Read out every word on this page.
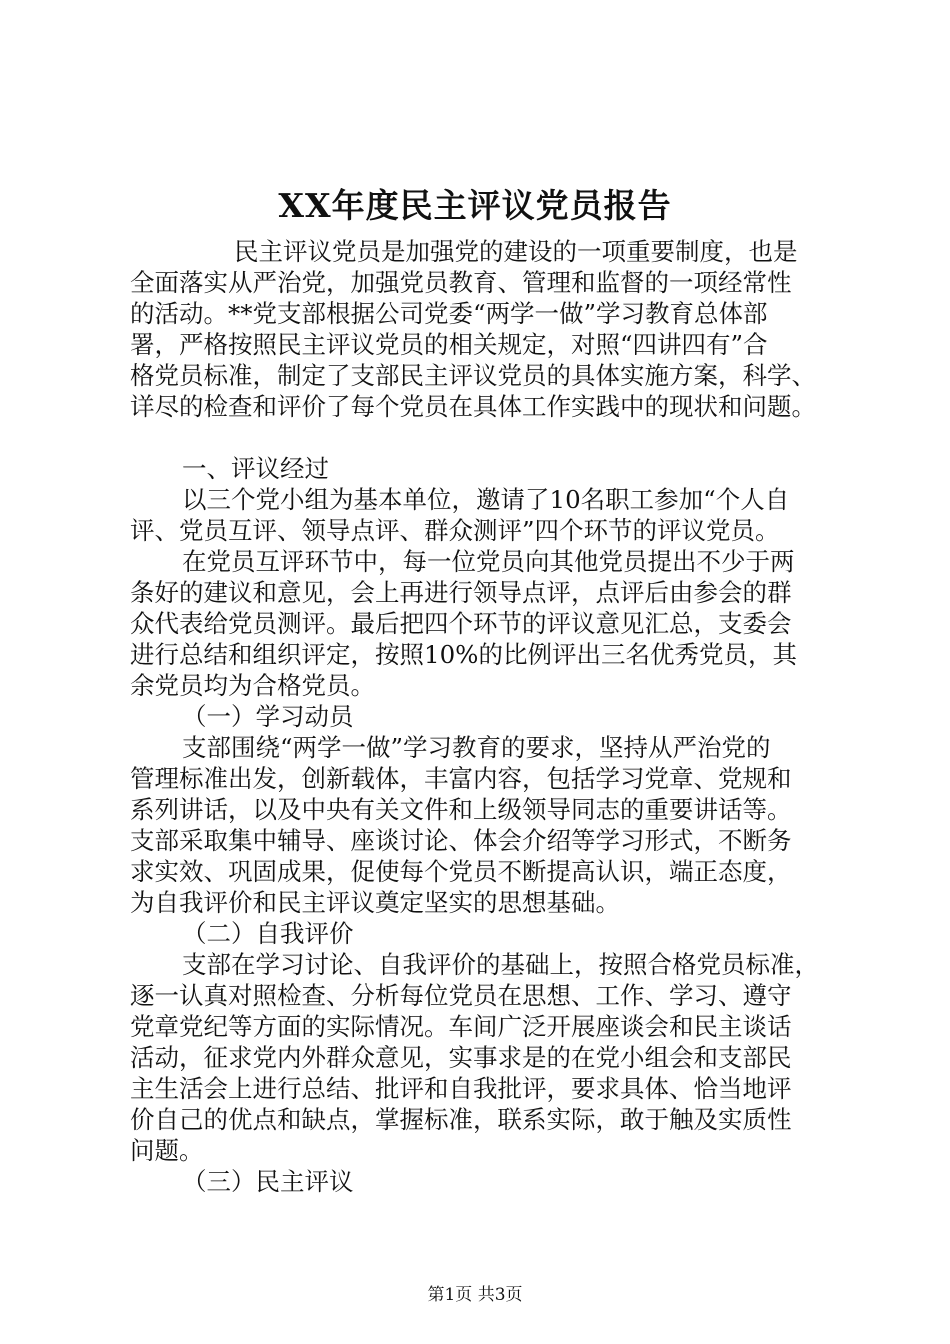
XX年度民主评议党员报告
民主评议党员是加强党的建设的一项重要制度，也是
全面落实从严治党，加强党员教育、管理和监督的一项经常性
的活动。**党支部根据公司党委“两学一做”学习教育总体部
署，严格按照民主评议党员的相关规定，对照“四讲四有”合
格党员标准，制定了支部民主评议党员的具体实施方案，科学、
详尽的检查和评价了每个党员在具体工作实践中的现状和问题。
一、评议经过
以三个党小组为基本单位，邀请了10名职工参加“个人自
评、党员互评、领导点评、群众测评”四个环节的评议党员。
在党员互评环节中，每一位党员向其他党员提出不少于两
条好的建议和意见，会上再进行领导点评，点评后由参会的群
众代表给党员测评。最后把四个环节的评议意见汇总，支委会
进行总结和组织评定，按照10%的比例评出三名优秀党员，其
余党员均为合格党员。
（一）学习动员
支部围绕“两学一做”学习教育的要求，坚持从严治党的
管理标准出发，创新载体，丰富内容，包括学习党章、党规和
系列讲话，以及中央有关文件和上级领导同志的重要讲话等。
支部采取集中辅导、座谈讨论、体会介绍等学习形式，不断务
求实效、巩固成果，促使每个党员不断提高认识，端正态度，
为自我评价和民主评议奠定坚实的思想基础。
（二）自我评价
支部在学习讨论、自我评价的基础上，按照合格党员标准，
逐一认真对照检查、分析每位党员在思想、工作、学习、遵守
党章党纪等方面的实际情况。车间广泛开展座谈会和民主谈话
活动，征求党内外群众意见，实事求是的在党小组会和支部民
主生活会上进行总结、批评和自我批评，要求具体、恰当地评
价自己的优点和缺点，掌握标准，联系实际，敢于触及实质性
问题。
（三）民主评议
第1页 共3页
